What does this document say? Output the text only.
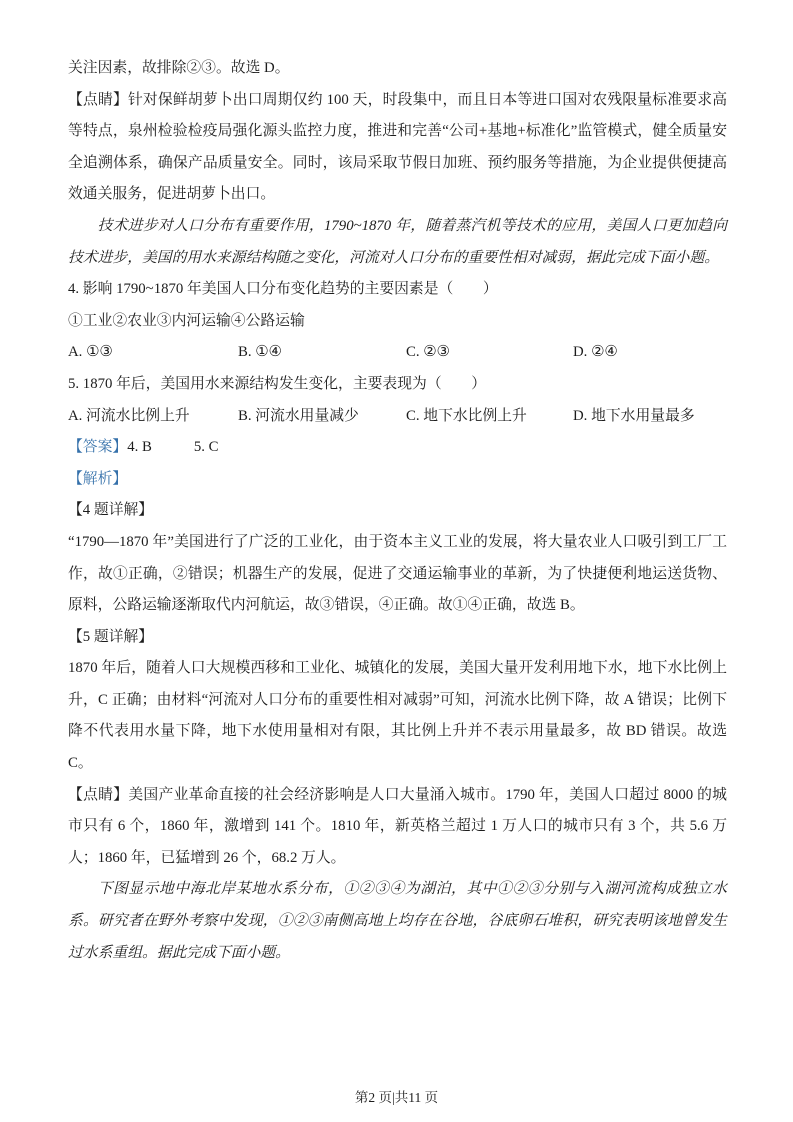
关注因素，故排除②③。故选 D。

【点睛】针对保鲜胡萝卜出口周期仅约 100 天，时段集中，而且日本等进口国对农残限量标准要求高等特点，泉州检验检疫局强化源头监控力度，推进和完善“公司+基地+标准化”监管模式，健全质量安全追溯体系，确保产品质量安全。同时，该局采取节假日加班、预约服务等措施，为企业提供便捷高效通关服务，促进胡萝卜出口。

技术进步对人口分布有重要作用，1790~1870 年，随着蒸汽机等技术的应用，美国人口更加趋向技术进步，美国的用水来源结构随之变化，河流对人口分布的重要性相对减弱，据此完成下面小题。

4. 影响 1790~1870 年美国人口分布变化趋势的主要因素是（　　）

①工业②农业③内河运输④公路运输

A. ①③	B. ①④	C. ②③	D. ②④

5. 1870 年后，美国用水来源结构发生变化，主要表现为（　　）

A. 河流水比例上升	B. 河流水用量减少	C. 地下水比例上升	D. 地下水用量最多

【答案】4. B	5. C

【解析】

【4 题详解】

“1790—1870 年”美国进行了广泛的工业化，由于资本主义工业的发展，将大量农业人口吸引到工厂工作，故①正确，②错误；机器生产的发展，促进了交通运输事业的革新，为了快捷便利地运送货物、原料，公路运输逐渐取代内河航运，故③错误，④正确。故①④正确，故选 B。

【5 题详解】

1870 年后，随着人口大规模西移和工业化、城镇化的发展，美国大量开发利用地下水，地下水比例上升，C 正确；由材料“河流对人口分布的重要性相对减弱”可知，河流水比例下降，故 A 错误；比例下降不代表用水量下降，地下水使用量相对有限，其比例上升并不表示用量最多，故 BD 错误。故选 C。

【点睛】美国产业革命直接的社会经济影响是人口大量涌入城市。1790 年，美国人口超过 8000 的城市只有 6 个，1860 年，激增到 141 个。1810 年，新英格兰超过 1 万人口的城市只有 3 个，共 5.6 万人；1860 年，已猛增到 26 个，68.2 万人。

下图显示地中海北岸某地水系分布，①②③④为湖泊，其中①②③分别与入湖河流构成独立水系。研究者在野外考察中发现，①②③南侧高地上均存在谷地，谷底卵石堆积，研究表明该地曾发生过水系重组。据此完成下面小题。

第2 页|共11 页
